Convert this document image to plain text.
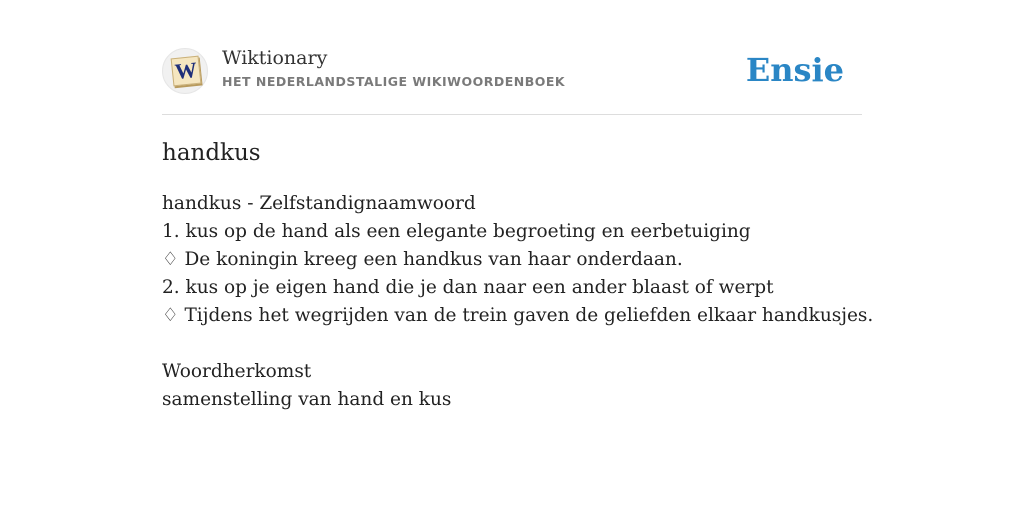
W Wiktionary
HET NEDERLANDSTALIGE WIKIWOORDENBOEK	Ensie
handkus
handkus - Zelfstandignaamwoord
1. kus op de hand als een elegante begroeting en eerbetuiging
♢ De koningin kreeg een handkus van haar onderdaan.
2. kus op je eigen hand die je dan naar een ander blaast of werpt
♢ Tijdens het wegrijden van de trein gaven de geliefden elkaar handkusjes.
Woordherkomst
samenstelling van hand en kus
